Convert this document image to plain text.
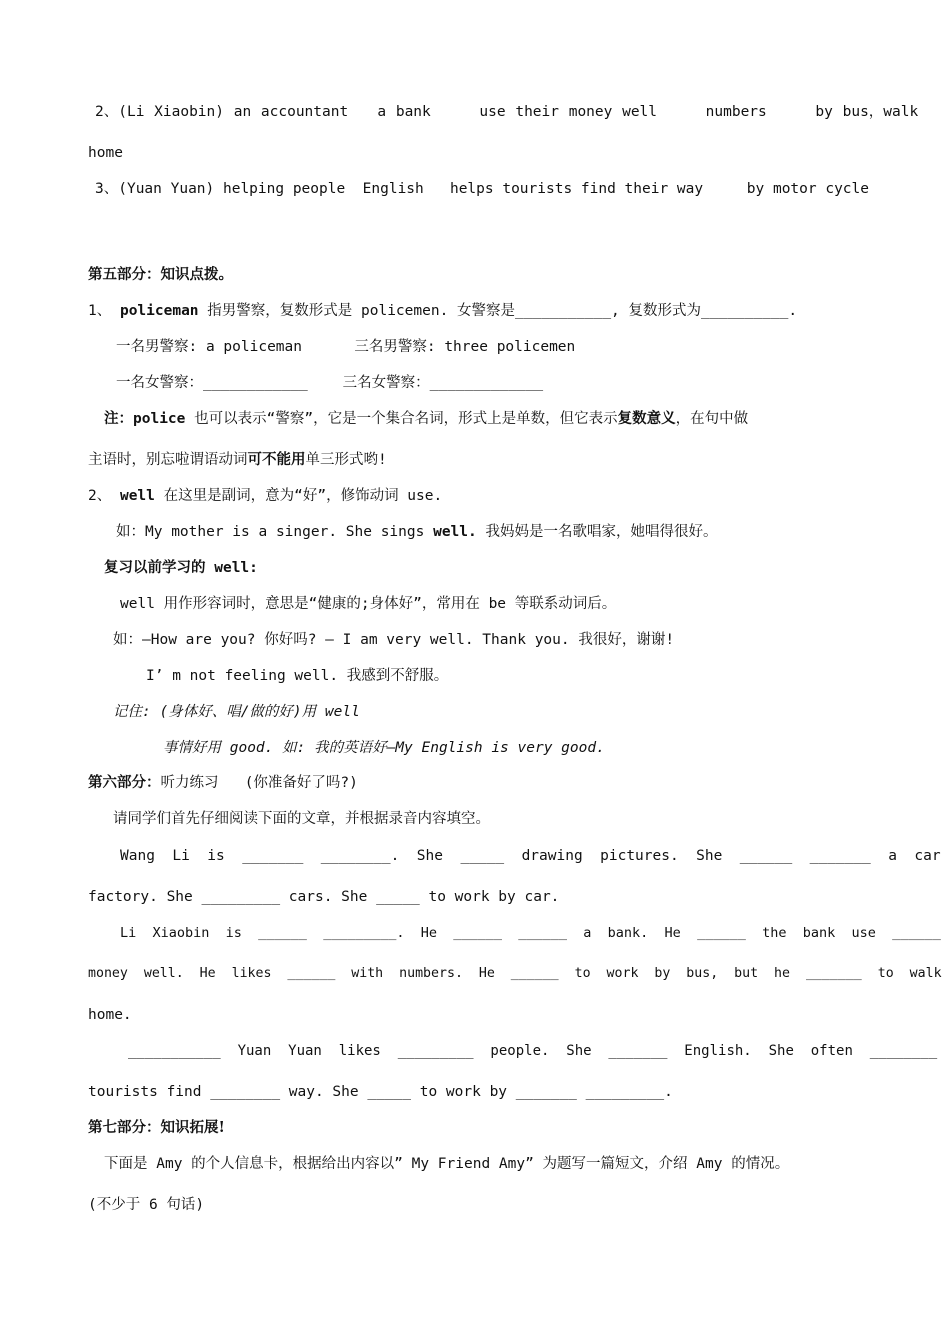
2、(Li Xiaobin) an accountant   a bank     use their money well     numbers     by bus，walk
home
3、(Yuan Yuan) helping people  English   helps tourists find their way     by motor cycle
第五部分：知识点拨。
1、 policeman 指男警察，复数形式是 policemen. 女警察是___________, 复数形式为__________.
一名男警察: a policeman      三名男警察: three policemen
一名女警察：____________    三名女警察：_____________
注：police 也可以表示“警察”，它是一个集合名词，形式上是单数，但它表示复数意义，在句中做
主语时，别忘啦谓语动词可不能用单三形式哟!
2、 well 在这里是副词，意为“好”，修饰动词 use.
如：My mother is a singer. She sings well. 我妈妈是一名歌唱家，她唱得很好。
复习以前学习的 well:
well 用作形容词时，意思是“健康的;身体好”，常用在 be 等联系动词后。
如：—How are you? 你好吗? — I am very well. Thank you. 我很好，谢谢!
I’ m not feeling well. 我感到不舒服。
记住: (身体好、唱/做的好)用 well
事情好用 good. 如: 我的英语好—My English is very good.
第六部分：听力练习   (你准备好了吗?)
请同学们首先仔细阅读下面的文章，并根据录音内容填空。
Wang  Li  is  _______  ________.  She  _____  drawing  pictures.  She  ______  _______  a  car
factory. She _________ cars. She _____ to work by car.
Li  Xiaobin  is  ______  _________.  He  ______  ______  a  bank.  He  ______  the  bank  use  ______
money  well.  He  likes  ______  with  numbers.  He  ______  to  work  by  bus,  but  he  _______  to  walk
home.
___________  Yuan  Yuan  likes  _________  people.  She  _______  English.  She  often  ________
tourists find ________ way. She _____ to work by _______ _________.
第七部分：知识拓展!
下面是 Amy 的个人信息卡，根据给出内容以” My Friend Amy” 为题写一篇短文，介绍 Amy 的情况。
(不少于 6 句话)
